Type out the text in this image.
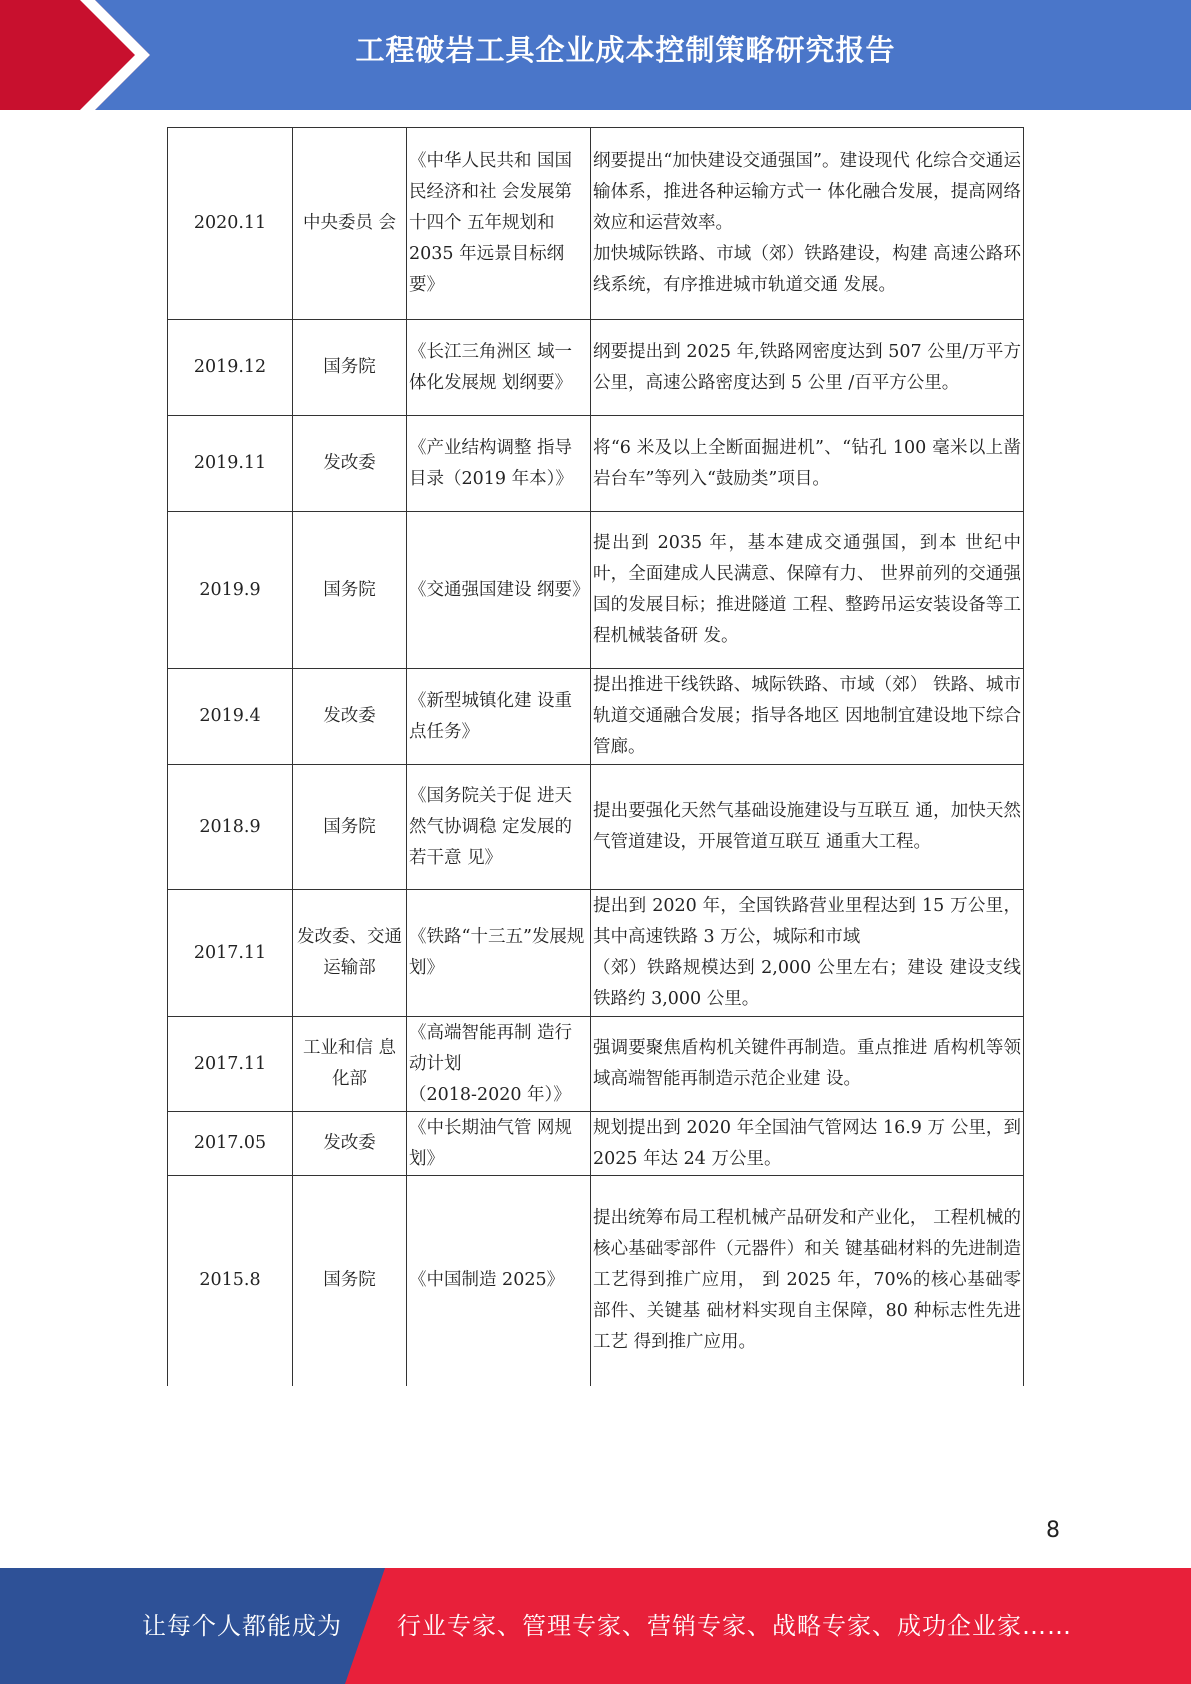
工程破岩工具企业成本控制策略研究报告
2020.11	中央委员 会	《中华人民共和 国国民经济和社 会发展第十四个 五年规划和 2035 年远景目标纲要》	纲要提出“加快建设交通强国”。建设现代 化综合交通运输体系，推进各种运输方式一 体化融合发展，提高网络效应和运营效率。
加快城际铁路、市域（郊）铁路建设，构建 高速公路环线系统，有序推进城市轨道交通 发展。

2019.12	国务院	《长江三角洲区 域一体化发展规 划纲要》	纲要提出到 2025 年,铁路网密度达到 507 公里/万平方公里，高速公路密度达到 5 公里 /百平方公里。

2019.11	发改委	《产业结构调整 指导目录（2019 年本）》	将“6 米及以上全断面掘进机”、“钻孔 100 毫米以上凿岩台车”等列入“鼓励类”项目。

2019.9	国务院	《交通强国建设 纲要》	提出到 2035 年，基本建成交通强国，到本 世纪中叶，全面建成人民满意、保障有力、 世界前列的交通强国的发展目标；推进隧道 工程、整跨吊运安装设备等工程机械装备研 发。

2019.4	发改委	《新型城镇化建 设重点任务》	提出推进干线铁路、城际铁路、市域（郊） 铁路、城市轨道交通融合发展；指导各地区 因地制宜建设地下综合管廊。

2018.9	国务院	《国务院关于促 进天然气协调稳 定发展的若干意 见》	提出要强化天然气基础设施建设与互联互 通，加快天然气管道建设，开展管道互联互 通重大工程。

2017.11	发改委、交通运输部	《铁路“十三五”发展规划》	提出到 2020 年，全国铁路营业里程达到 15 万公里，其中高速铁路 3 万公，城际和市域
（郊）铁路规模达到 2,000 公里左右；建设 建设支线铁路约 3,000 公里。

2017.11	工业和信 息化部	《高端智能再制 造行动计划
（2018-2020 年）》	强调要聚焦盾构机关键件再制造。重点推进 盾构机等领域高端智能再制造示范企业建 设。

2017.05	发改委	《中长期油气管 网规划》	规划提出到 2020 年全国油气管网达 16.9 万 公里，到 2025 年达 24 万公里。

2015.8	国务院	《中国制造 2025》	提出统筹布局工程机械产品研发和产业化， 工程机械的核心基础零部件（元器件）和关 键基础材料的先进制造工艺得到推广应用， 到 2025 年，70%的核心基础零部件、关键基 础材料实现自主保障，80 种标志性先进工艺 得到推广应用。
8
让每个人都能成为 行业专家、管理专家、营销专家、战略专家、成功企业家……
